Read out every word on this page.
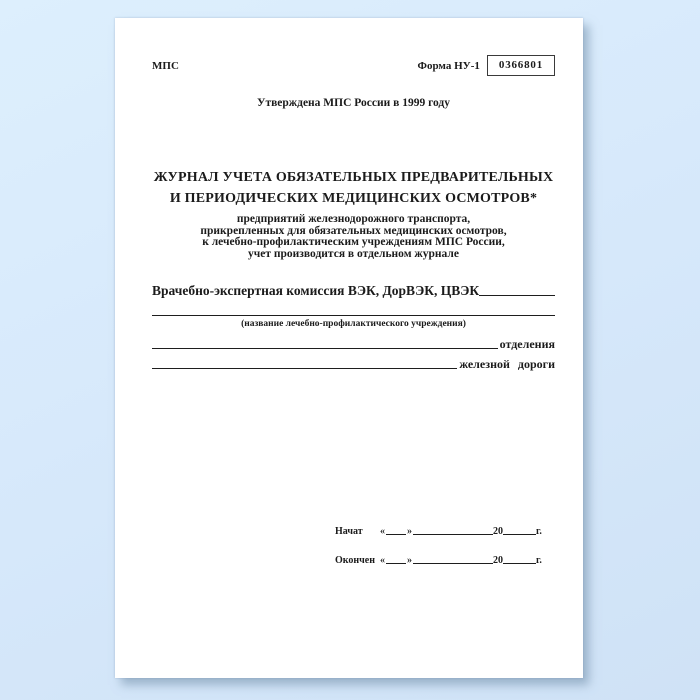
МПС	Форма НУ-1	0366801
Утверждена МПС России в 1999 году
ЖУРНАЛ УЧЕТА ОБЯЗАТЕЛЬНЫХ ПРЕДВАРИТЕЛЬНЫХ
И ПЕРИОДИЧЕСКИХ МЕДИЦИНСКИХ ОСМОТРОВ*
предприятий железнодорожного транспорта,
прикрепленных для обязательных медицинских осмотров,
к лечебно-профилактическим учреждениям МПС России,
учет производится в отдельном журнале
Врачебно-экспертная комиссия ВЭК, ДорВЭК, ЦВЭК
(название лечебно-профилактического учреждения)
отделения
железной дороги
Начат	« »	20	г.
Окончен « »	20	г.
